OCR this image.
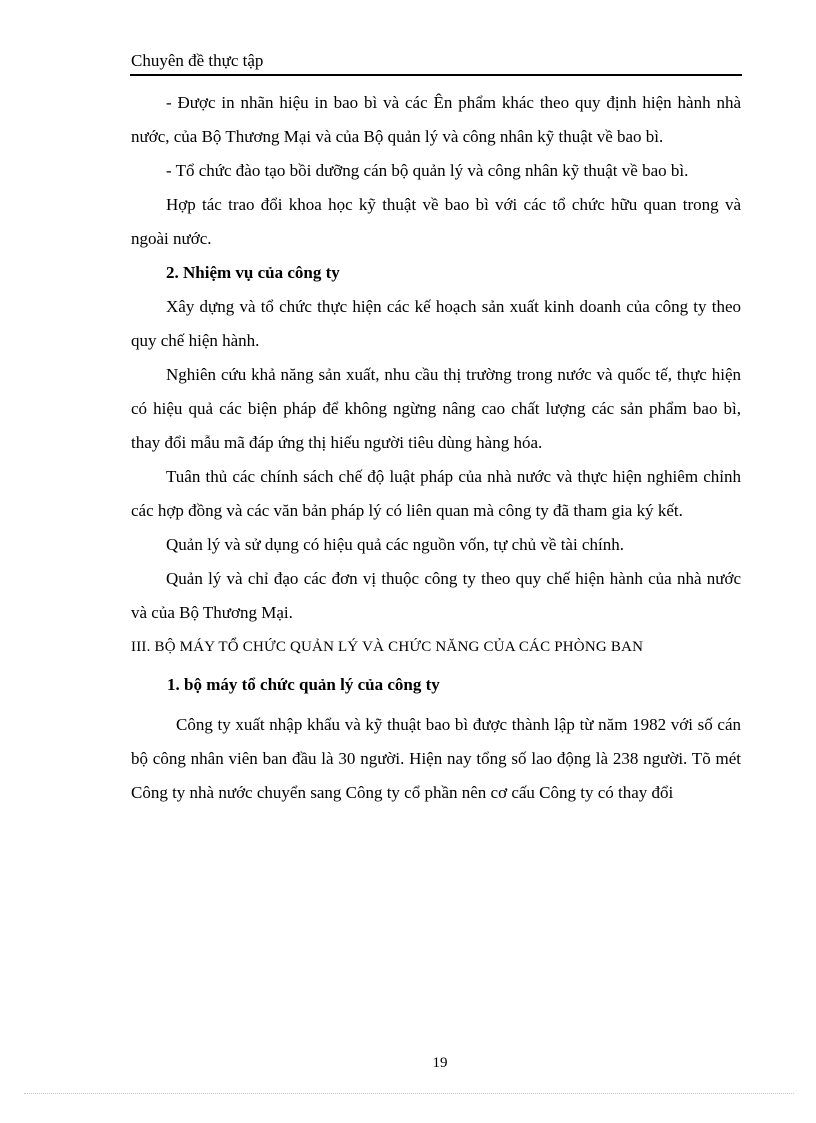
Chuyên đề thực tập

- Được in nhãn hiệu in bao bì và các Ên phẩm khác theo quy định hiện hành nhà nước, của Bộ Thương Mại và của Bộ quản lý và công nhân kỹ thuật về bao bì.

- Tổ chức đào tạo bồi dưỡng cán bộ quản lý và công nhân kỹ thuật về bao bì.

Hợp tác trao đổi khoa học kỹ thuật về bao bì với các tổ chức hữu quan trong và ngoài nước.

2. Nhiệm vụ của công ty

Xây dựng và tổ chức thực hiện các kế hoạch sản xuất kinh doanh của công ty theo quy chế hiện hành.

Nghiên cứu khả năng sản xuất, nhu cầu thị trường trong nước và quốc tế, thực hiện có hiệu quả các biện pháp để không ngừng nâng cao chất lượng các sản phẩm bao bì, thay đổi mẫu mã đáp ứng thị hiếu người tiêu dùng hàng hóa.

Tuân thủ các chính sách chế độ luật pháp của nhà nước và thực hiện nghiêm chỉnh các hợp đồng và các văn bản pháp lý có liên quan mà công ty đã tham gia ký kết.

Quản lý và sử dụng có hiệu quả các nguồn vốn, tự chủ về tài chính.

Quản lý và chỉ đạo các đơn vị thuộc công ty theo quy chế hiện hành của nhà nước và của Bộ Thương Mại.

III. BỘ MÁY TỔ CHỨC QUẢN LÝ VÀ CHỨC NĂNG CỦA CÁC PHÒNG BAN

1. bộ máy tổ chức quản lý của công ty

Công ty xuất nhập khẩu và kỹ thuật bao bì được thành lập từ năm 1982 với số cán bộ công nhân viên ban đầu là 30 người. Hiện nay tổng số lao động là 238 người. Tõ mét Công ty nhà nước chuyển sang Công ty cổ phần nên cơ cấu Công ty có thay đổi

19
